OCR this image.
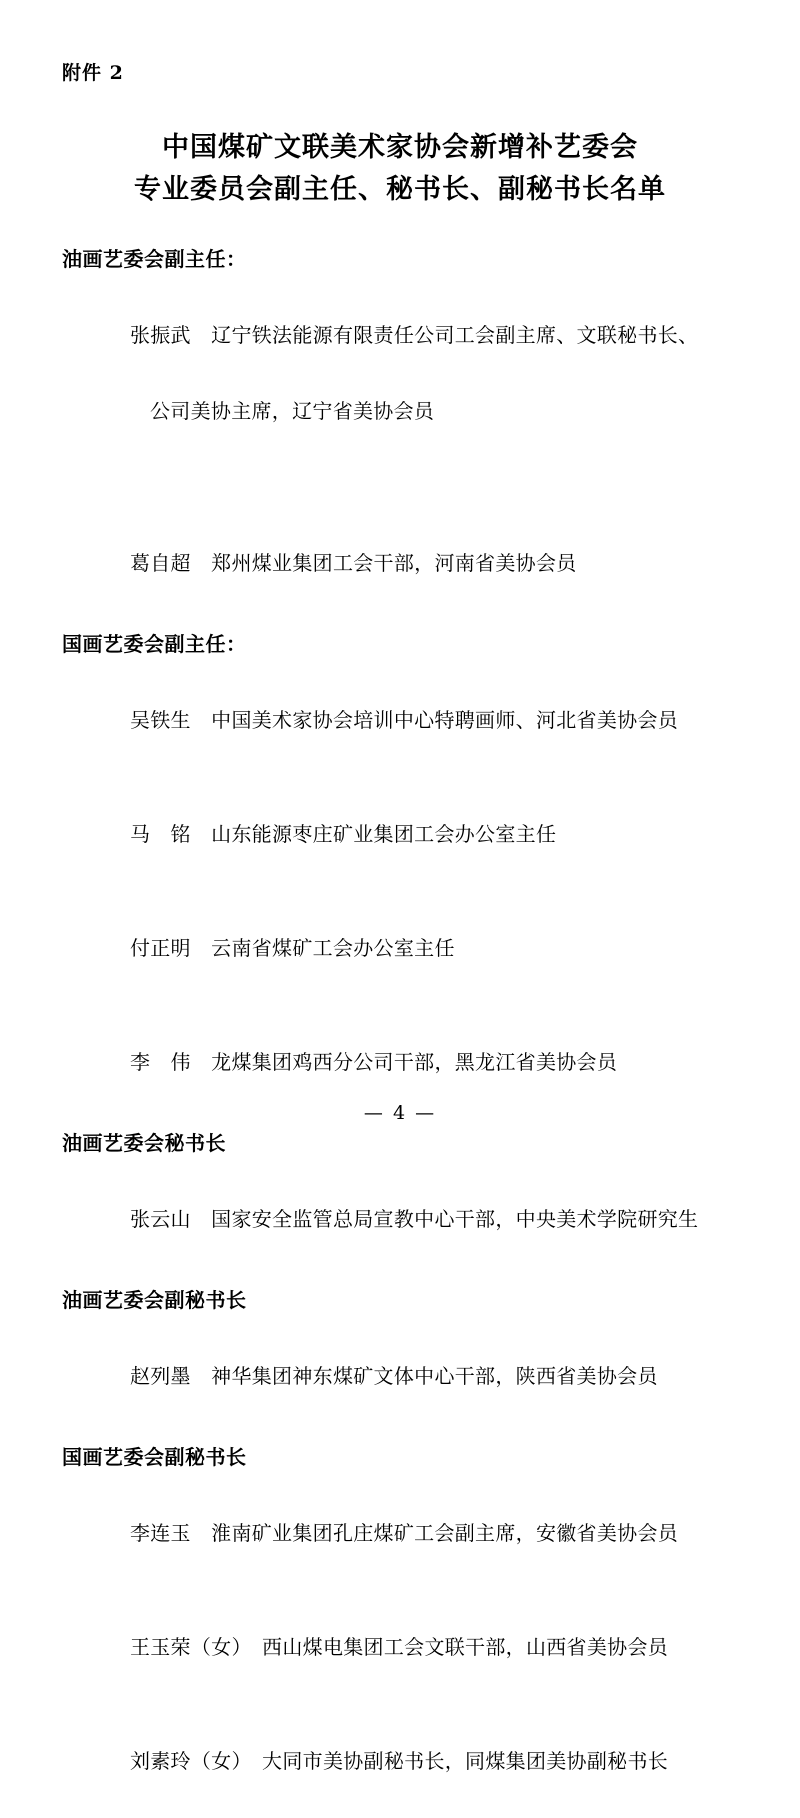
附件 2
中国煤矿文联美术家协会新增补艺委会
专业委员会副主任、秘书长、副秘书长名单
油画艺委会副主任：

张振武　辽宁铁法能源有限责任公司工会副主席、文联秘书长、

公司美协主席，辽宁省美协会员

葛自超　郑州煤业集团工会干部，河南省美协会员

国画艺委会副主任：

吴铁生　中国美术家协会培训中心特聘画师、河北省美协会员

马　铭　山东能源枣庄矿业集团工会办公室主任

付正明　云南省煤矿工会办公室主任

李　伟　龙煤集团鸡西分公司干部，黑龙江省美协会员

油画艺委会秘书长

张云山　国家安全监管总局宣教中心干部，中央美术学院研究生

油画艺委会副秘书长

赵列墨　神华集团神东煤矿文体中心干部，陕西省美协会员

国画艺委会副秘书长

李连玉　淮南矿业集团孔庄煤矿工会副主席，安徽省美协会员

王玉荣（女）　西山煤电集团工会文联干部，山西省美协会员

刘素玲（女）　大同市美协副秘书长，同煤集团美协副秘书长

— 4 —
